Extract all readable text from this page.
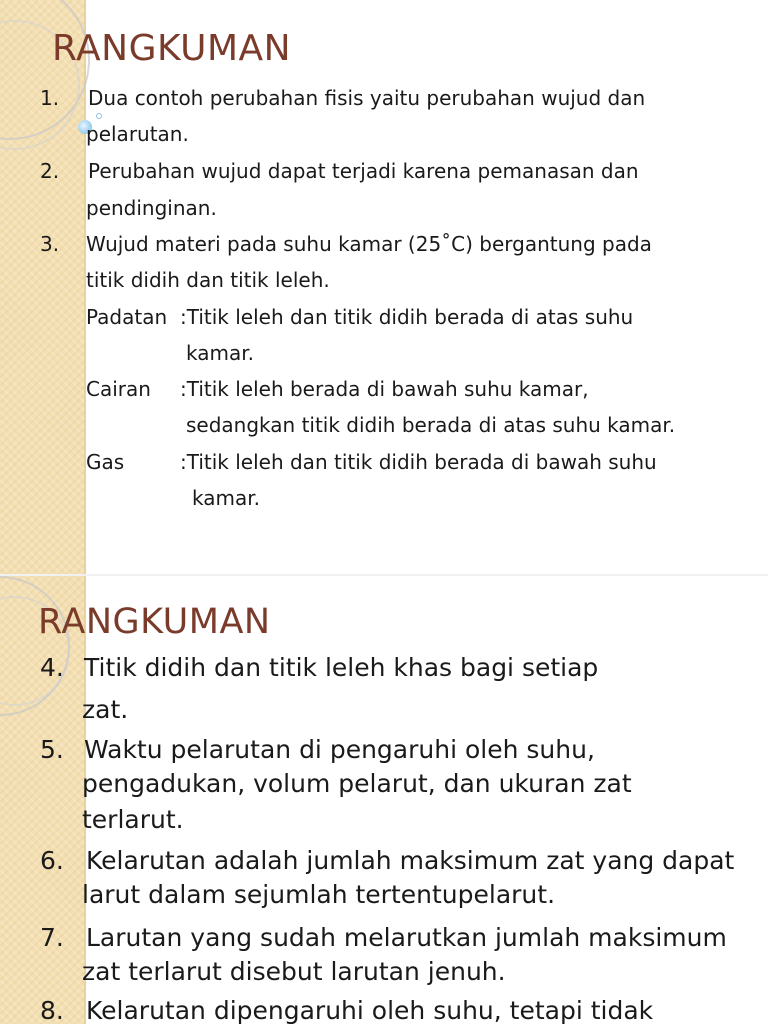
RANGKUMAN
1. Dua contoh perubahan fisis yaitu perubahan wujud dan
pelarutan.
2. Perubahan wujud dapat terjadi karena pemanasan dan
pendinginan.
3. Wujud materi pada suhu kamar (25˚C) bergantung pada
titik didih dan titik leleh.
Padatan :Titik leleh dan titik didih berada di atas suhu
kamar.
Cairan :Titik leleh berada di bawah suhu kamar,
sedangkan titik didih berada di atas suhu kamar.
Gas	:Titik leleh dan titik didih berada di bawah suhu
kamar.
RANGKUMAN
4. Titik didih dan titik leleh khas bagi setiap
zat.
5. Waktu pelarutan di pengaruhi oleh suhu,
pengadukan, volum pelarut, dan ukuran zat
terlarut.
6. Kelarutan adalah jumlah maksimum zat yang dapat
larut dalam sejumlah tertentupelarut.
7. Larutan yang sudah melarutkan jumlah maksimum
zat terlarut disebut larutan jenuh.
8. Kelarutan dipengaruhi oleh suhu, tetapi tidak
